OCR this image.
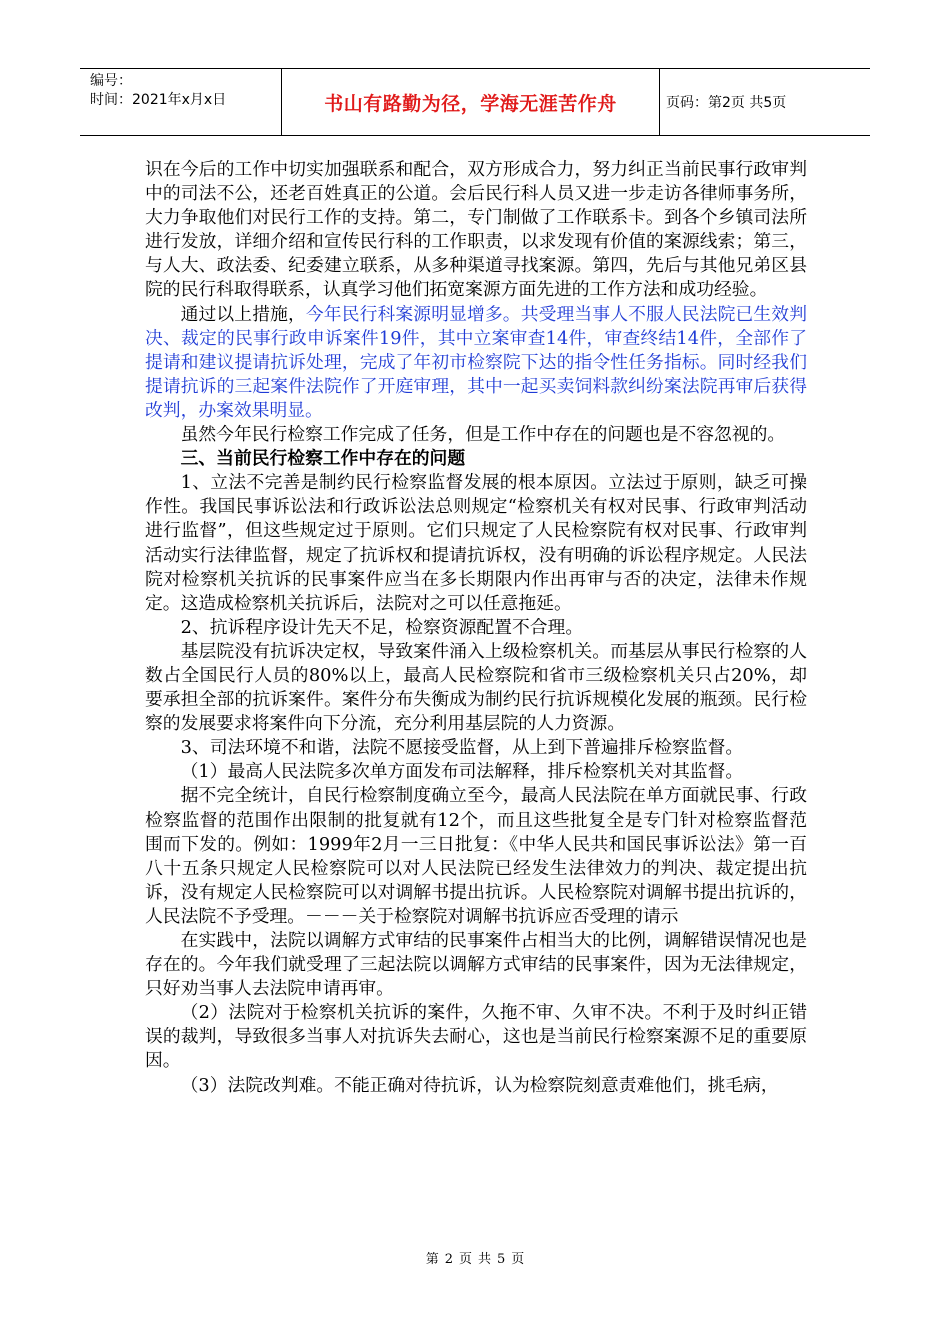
编号：
时间：2021年x月x日	书山有路勤为径，学海无涯苦作舟	页码：第2页 共5页

识在今后的工作中切实加强联系和配合，双方形成合力，努力纠正当前民事行政审判中的司法不公，还老百姓真正的公道。会后民行科人员又进一步走访各律师事务所，大力争取他们对民行工作的支持。第二，专门制做了工作联系卡。到各个乡镇司法所进行发放，详细介绍和宣传民行科的工作职责，以求发现有价值的案源线索；第三，与人大、政法委、纪委建立联系，从多种渠道寻找案源。第四，先后与其他兄弟区县院的民行科取得联系，认真学习他们拓宽案源方面先进的工作方法和成功经验。

通过以上措施，今年民行科案源明显增多。共受理当事人不服人民法院已生效判决、裁定的民事行政申诉案件19件，其中立案审查14件，审查终结14件，全部作了提请和建议提请抗诉处理，完成了年初市检察院下达的指令性任务指标。同时经我们提请抗诉的三起案件法院作了开庭审理，其中一起买卖饲料款纠纷案法院再审后获得改判，办案效果明显。

虽然今年民行检察工作完成了任务，但是工作中存在的问题也是不容忽视的。

三、当前民行检察工作中存在的问题

1、立法不完善是制约民行检察监督发展的根本原因。立法过于原则，缺乏可操作性。我国民事诉讼法和行政诉讼法总则规定“检察机关有权对民事、行政审判活动进行监督”，但这些规定过于原则。它们只规定了人民检察院有权对民事、行政审判活动实行法律监督，规定了抗诉权和提请抗诉权，没有明确的诉讼程序规定。人民法院对检察机关抗诉的民事案件应当在多长期限内作出再审与否的决定，法律未作规定。这造成检察机关抗诉后，法院对之可以任意拖延。

2、抗诉程序设计先天不足，检察资源配置不合理。

基层院没有抗诉决定权，导致案件涌入上级检察机关。而基层从事民行检察的人数占全国民行人员的80%以上，最高人民检察院和省市三级检察机关只占20%，却要承担全部的抗诉案件。案件分布失衡成为制约民行抗诉规模化发展的瓶颈。民行检察的发展要求将案件向下分流，充分利用基层院的人力资源。

3、司法环境不和谐，法院不愿接受监督，从上到下普遍排斥检察监督。

（1）最高人民法院多次单方面发布司法解释，排斥检察机关对其监督。

据不完全统计，自民行检察制度确立至今，最高人民法院在单方面就民事、行政检察监督的范围作出限制的批复就有12个，而且这些批复全是专门针对检察监督范围而下发的。例如：1999年2月一三日批复：《中华人民共和国民事诉讼法》第一百八十五条只规定人民检察院可以对人民法院已经发生法律效力的判决、裁定提出抗诉，没有规定人民检察院可以对调解书提出抗诉。人民检察院对调解书提出抗诉的，人民法院不予受理。－－－关于检察院对调解书抗诉应否受理的请示

在实践中，法院以调解方式审结的民事案件占相当大的比例，调解错误情况也是存在的。今年我们就受理了三起法院以调解方式审结的民事案件，因为无法律规定，只好劝当事人去法院申请再审。

（2）法院对于检察机关抗诉的案件，久拖不审、久审不决。不利于及时纠正错误的裁判，导致很多当事人对抗诉失去耐心，这也是当前民行检察案源不足的重要原因。

（3）法院改判难。不能正确对待抗诉，认为检察院刻意责难他们，挑毛病，

第 2 页 共 5 页
